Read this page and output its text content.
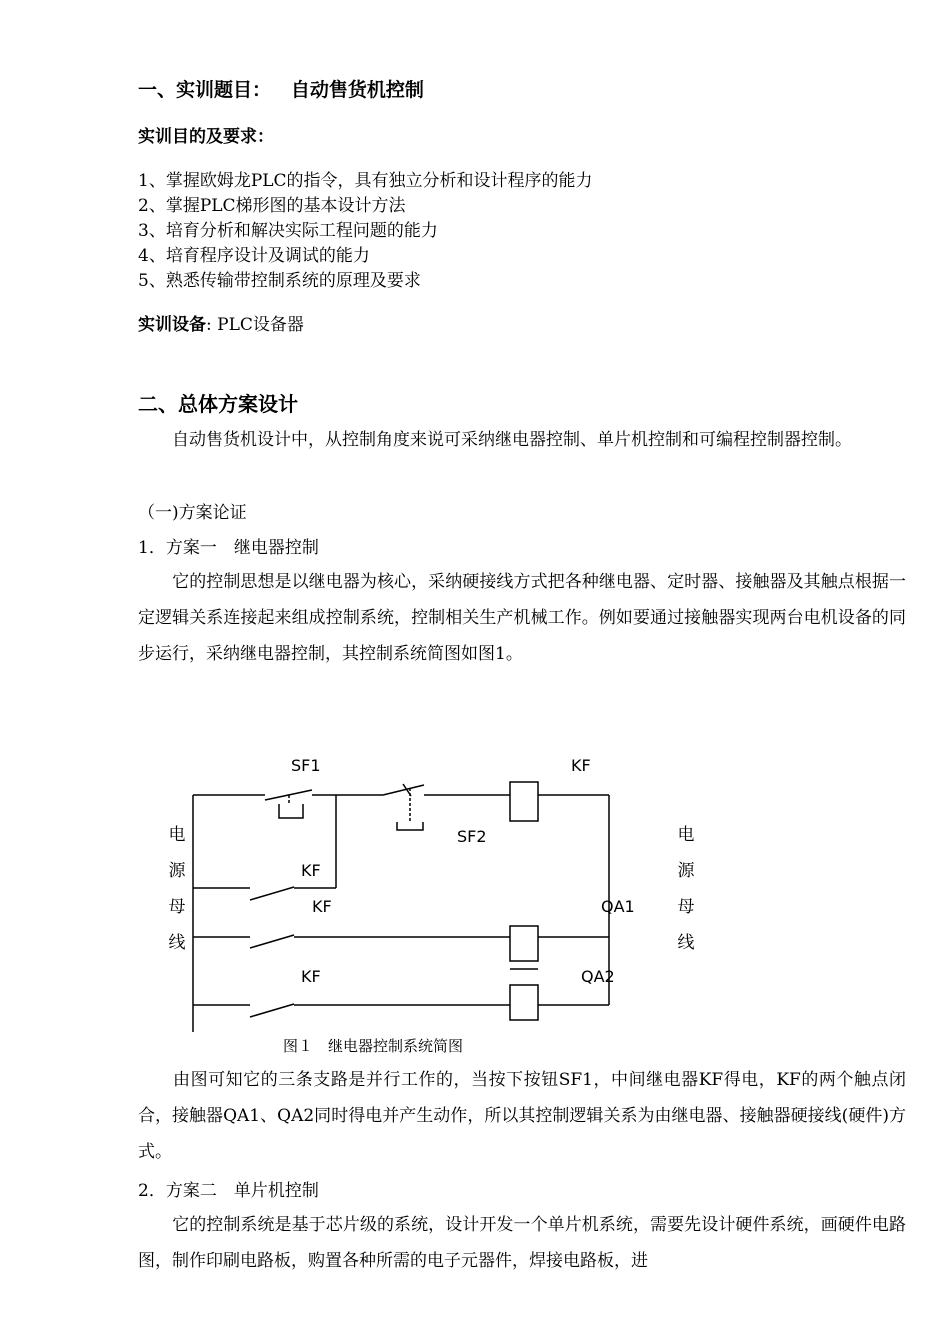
一、实训题目： 自动售货机控制
实训目的及要求：
1、掌握欧姆龙PLC的指令，具有独立分析和设计程序的能力
2、掌握PLC梯形图的基本设计方法
3、培育分析和解决实际工程问题的能力
4、培育程序设计及调试的能力
5、熟悉传输带控制系统的原理及要求
实训设备: PLC设备器
二、总体方案设计
　　自动售货机设计中，从控制角度来说可采纳继电器控制、单片机控制和可编程控制器控制。
（一)方案论证
1．方案一　继电器控制
　　它的控制思想是以继电器为核心，采纳硬接线方式把各种继电器、定时器、接触器及其触点根据一定逻辑关系连接起来组成控制系统，控制相关生产机械工作。例如要通过接触器实现两台电机设备的同步运行，采纳继电器控制，其控制系统简图如图1。
SF1	KF
SF2
KF
KF	QA1
KF	QA2
电
源
母
线
电
源
母
线
图１　继电器控制系统简图
　　由图可知它的三条支路是并行工作的，当按下按钮SF1，中间继电器KF得电，KF的两个触点闭合，接触器QA1、QA2同时得电并产生动作，所以其控制逻辑关系为由继电器、接触器硬接线(硬件)方式。
2．方案二　单片机控制
　　它的控制系统是基于芯片级的系统，设计开发一个单片机系统，需要先设计硬件系统，画硬件电路图，制作印刷电路板，购置各种所需的电子元器件，焊接电路板，进
